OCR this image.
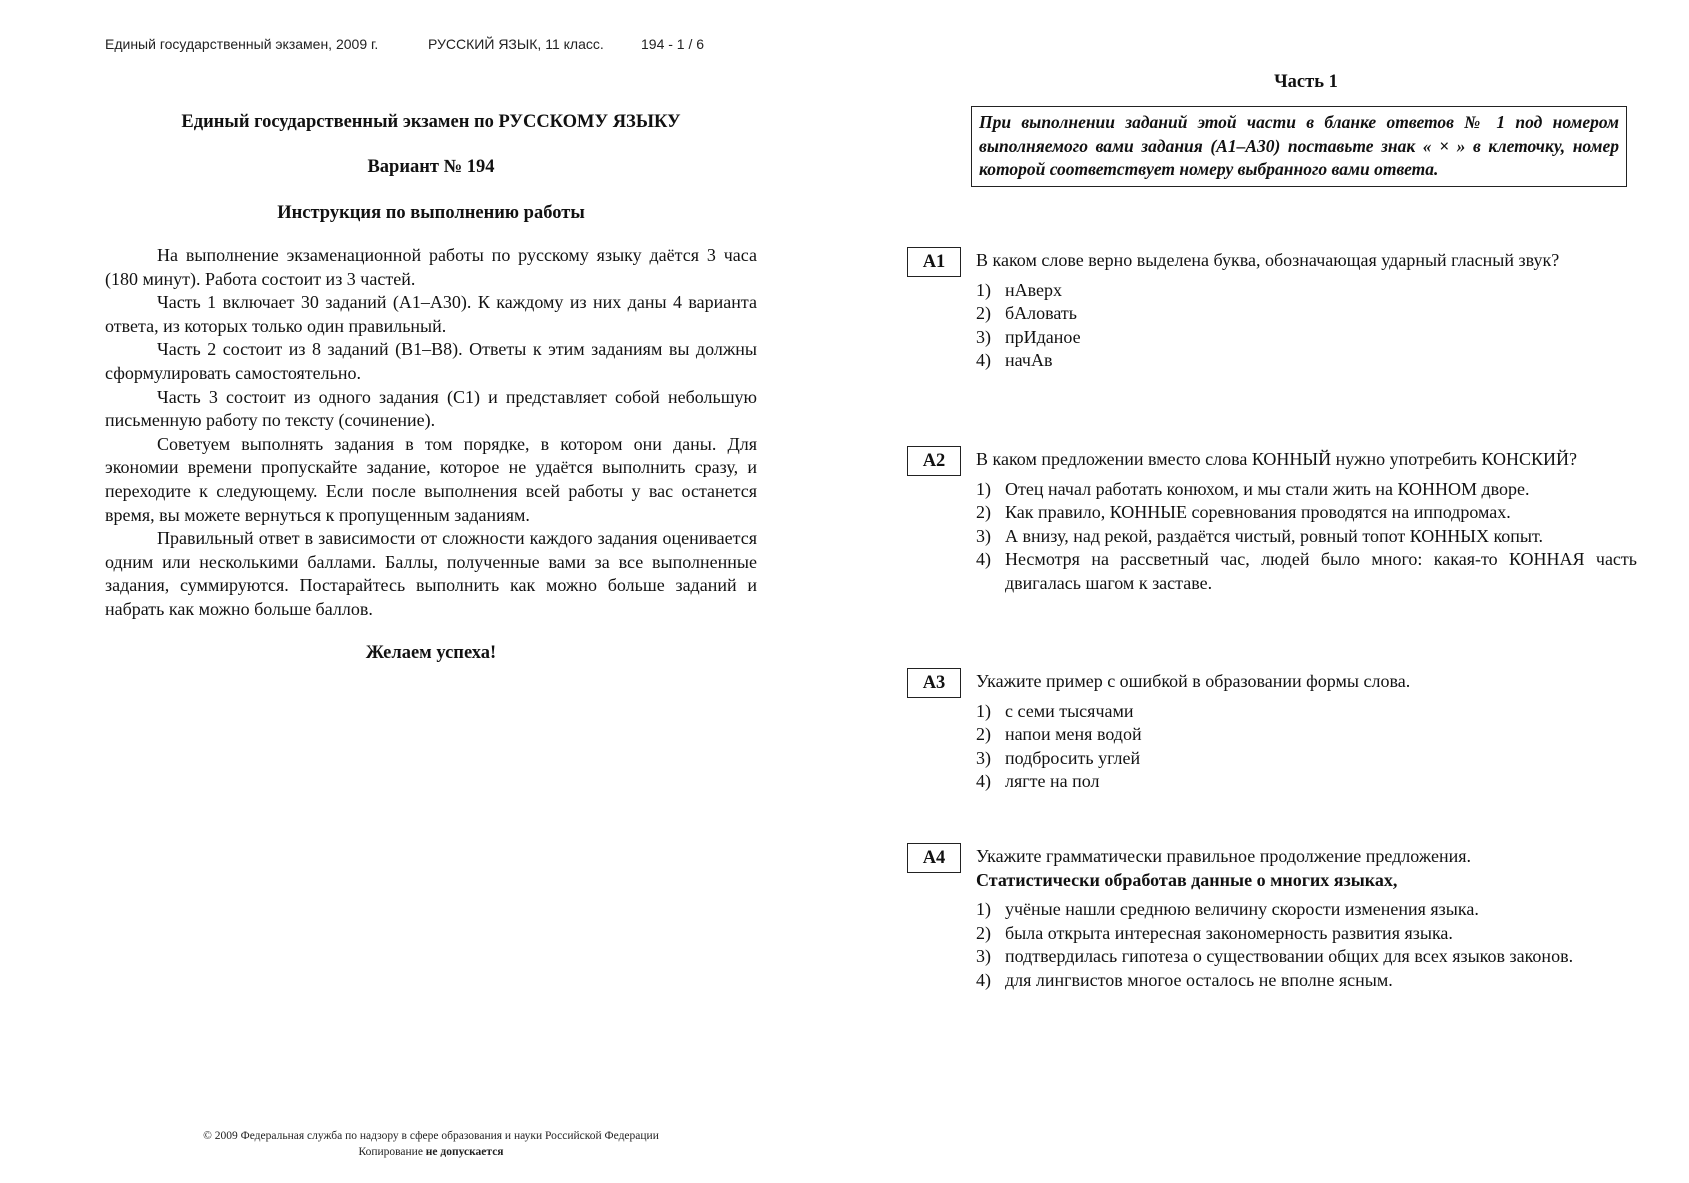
Единый государственный экзамен, 2009 г.	РУССКИЙ ЯЗЫК, 11 класс.	194 - 1 / 6
Единый государственный экзамен по РУССКОМУ ЯЗЫКУ
Вариант № 194
Инструкция по выполнению работы

На выполнение экзаменационной работы по русскому языку даётся 3 часа (180 минут). Работа состоит из 3 частей.

Часть 1 включает 30 заданий (А1–А30). К каждому из них даны 4 варианта ответа, из которых только один правильный.

Часть 2 состоит из 8 заданий (В1–В8). Ответы к этим заданиям вы должны сформулировать самостоятельно.

Часть 3 состоит из одного задания (С1) и представляет собой небольшую письменную работу по тексту (сочинение).

Советуем выполнять задания в том порядке, в котором они даны. Для экономии времени пропускайте задание, которое не удаётся выполнить сразу, и переходите к следующему. Если после выполнения всей работы у вас останется время, вы можете вернуться к пропущенным заданиям.

Правильный ответ в зависимости от сложности каждого задания оценивается одним или несколькими баллами. Баллы, полученные вами за все выполненные задания, суммируются. Постарайтесь выполнить как можно больше заданий и набрать как можно больше баллов.

Желаем успеха!
© 2009 Федеральная служба по надзору в сфере образования и науки Российской Федерации
Копирование не допускается
Часть 1
При выполнении заданий этой части в бланке ответов № 1 под номером выполняемого вами задания (А1–А30) поставьте знак « × » в клеточку, номер которой соответствует номеру выбранного вами ответа.
А1	В каком слове верно выделена буква, обозначающая ударный гласный звук?

1) нАверх
2) бАловать
3) прИданое
4) начАв
А2	В каком предложении вместо слова КОННЫЙ нужно употребить КОНСКИЙ?

1) Отец начал работать конюхом, и мы стали жить на КОННОМ дворе.
2) Как правило, КОННЫЕ соревнования проводятся на ипподромах.
3) А внизу, над рекой, раздаётся чистый, ровный топот КОННЫХ копыт.
4) Несмотря на рассветный час, людей было много: какая-то КОННАЯ часть двигалась шагом к заставе.
А3	Укажите пример с ошибкой в образовании формы слова.

1) с семи тысячами
2) напои меня водой
3) подбросить углей
4) лягте на пол
А4	Укажите грамматически правильное продолжение предложения.

Статистически обработав данные о многих языках,

1) учёные нашли среднюю величину скорости изменения языка.
2) была открыта интересная закономерность развития языка.
3) подтвердилась гипотеза о существовании общих для всех языков законов.
4) для лингвистов многое осталось не вполне ясным.
